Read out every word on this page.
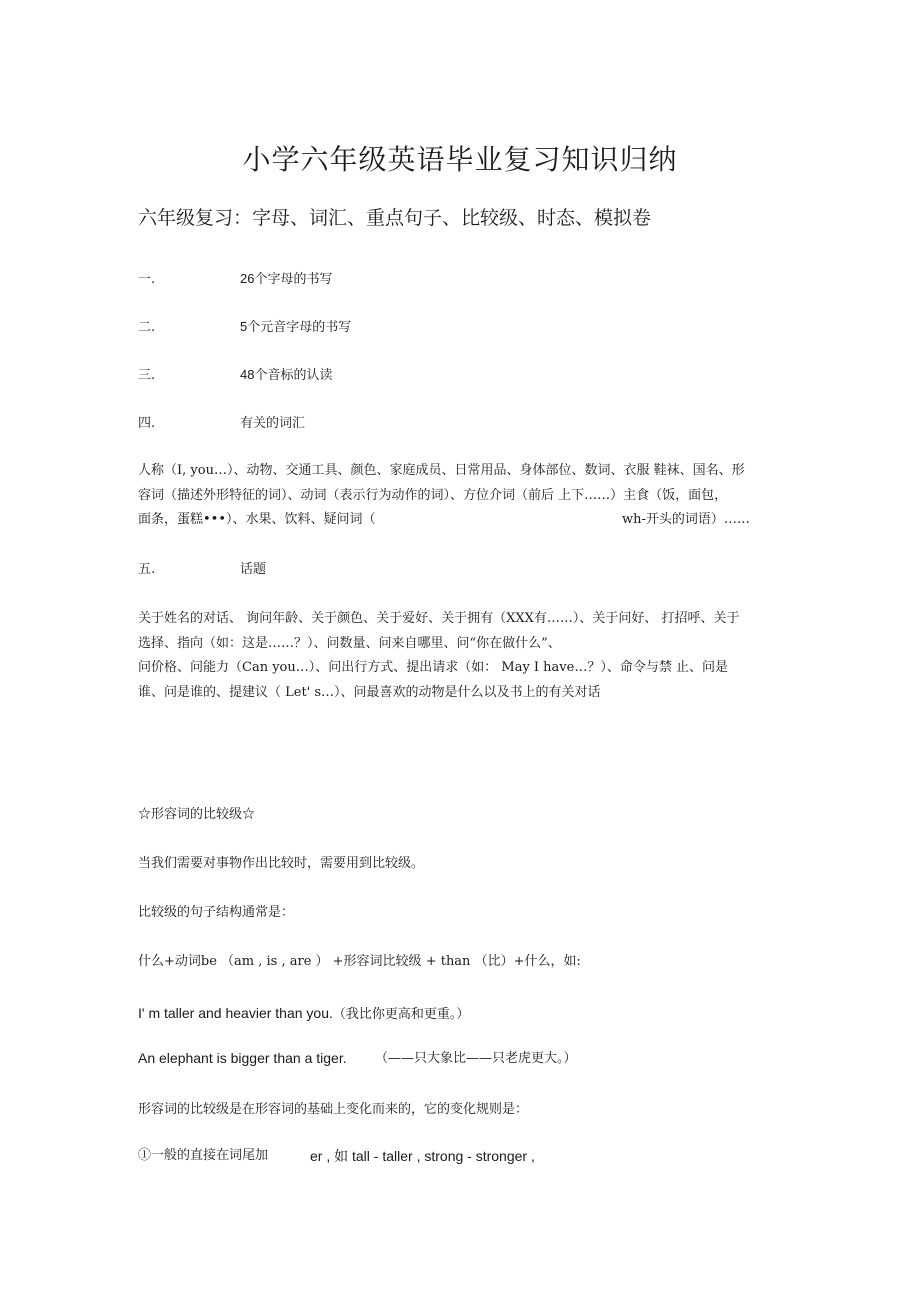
小学六年级英语毕业复习知识归纳
六年级复习：字母、词汇、重点句子、比较级、时态、模拟卷
一.	26个字母的书写
二.	5个元音字母的书写
三.	48个音标的认读
四.	有关的词汇
人称（I, you…）、动物、交通工具、颜色、家庭成员、日常用品、身体部位、数词、衣服 鞋袜、国名、形
容词（描述外形特征的词）、动词（表示行为动作的词）、方位介词（前后 上下……）主食（饭，面包，
面条，蛋糕•••）、水果、饮料、疑问词（	wh-开头的词语）……
五.	话题
关于姓名的对话、 询问年龄、关于颜色、关于爱好、关于拥有（XXX有……）、关于问好、 打招呼、关于
选择、指向（如：这是……？）、问数量、问来自哪里、问“你在做什么”、
问价格、问能力（Can you…）、问出行方式、提出请求（如： May I have…？）、命令与禁 止、问是
谁、问是谁的、提建议（ Let' s…）、问最喜欢的动物是什么以及书上的有关对话
☆形容词的比较级☆
当我们需要对事物作出比较时，需要用到比较级。
比较级的句子结构通常是：
什么+动词be （am , is , are ） +形容词比较级 + than （比）+什么，如:
I' m taller and heavier than you.（我比你更高和更重。）
An elephant is bigger than a tiger. （——只大象比——只老虎更大。）
形容词的比较级是在形容词的基础上变化而来的，它的变化规则是：
①一般的直接在词尾加	er , 如 tall - taller , strong - stronger ,
